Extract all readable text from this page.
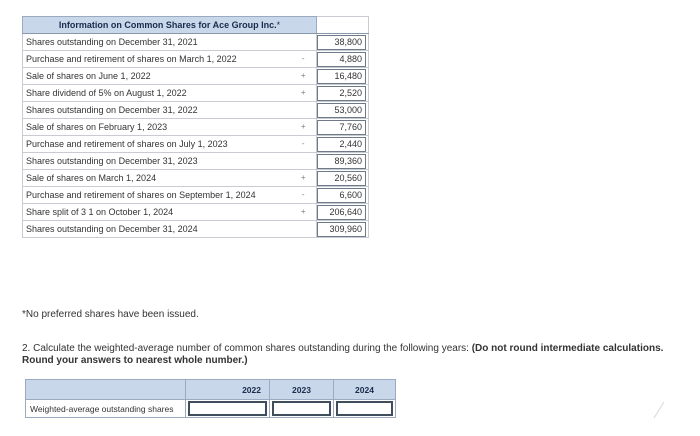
Information on Common Shares for Ace Group Inc.*		
Shares outstanding on December 31, 2021		38,800

Purchase and retirement of shares on March 1, 2022	-	4,880

Sale of shares on June 1, 2022	+	16,480

Share dividend of 5% on August 1, 2022	+	2,520

Shares outstanding on December 31, 2022		53,000

Sale of shares on February 1, 2023	+	7,760

Purchase and retirement of shares on July 1, 2023	-	2,440

Shares outstanding on December 31, 2023		89,360

Sale of shares on March 1, 2024	+	20,560

Purchase and retirement of shares on September 1, 2024	-	6,600

Share split of 3 1 on October 1, 2024	+	206,640

Shares outstanding on December 31, 2024		309,960
*No preferred shares have been issued.
2. Calculate the weighted-average number of common shares outstanding during the following years: (Do not round intermediate calculations. Round your answers to nearest whole number.)
	2022	2023	2024
Weighted-average outstanding shares	
